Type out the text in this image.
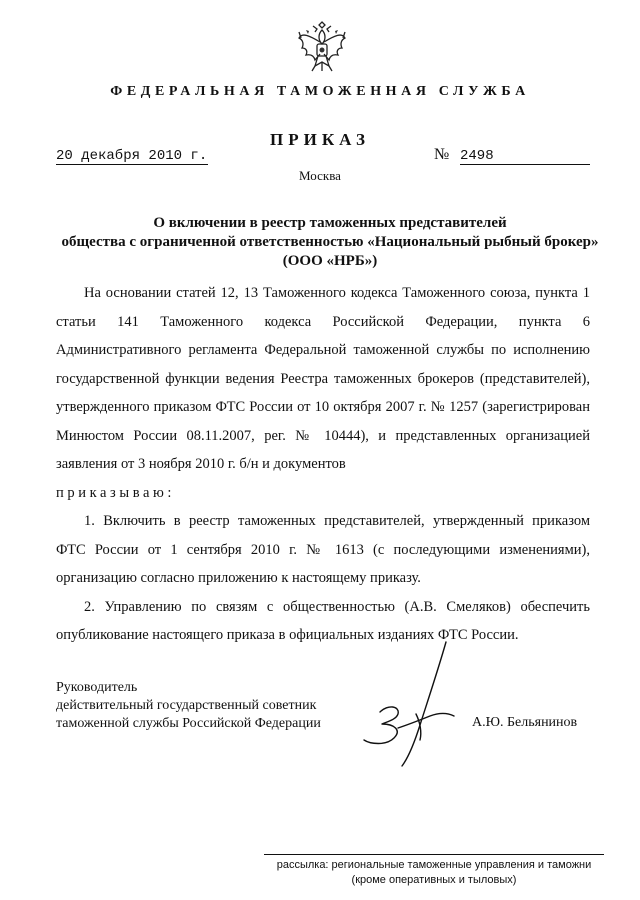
ФЕДЕРАЛЬНАЯ ТАМОЖЕННАЯ СЛУЖБА
ПРИКАЗ
20 декабря 2010 г.	№ 2498
Москва
О включении в реестр таможенных представителей
общества с ограниченной ответственностью «Национальный рыбный брокер»
(ООО «НРБ»)

На основании статей 12, 13 Таможенного кодекса Таможенного союза, пункта 1 статьи 141 Таможенного кодекса Российской Федерации, пункта 6 Административного регламента Федеральной таможенной службы по исполнению государственной функции ведения Реестра таможенных брокеров (представителей), утвержденного приказом ФТС России от 10 октября 2007 г. № 1257 (зарегистрирован Минюстом России 08.11.2007, рег. № 10444), и представленных организацией заявления от 3 ноября 2010 г. б/н и документов

приказываю:

1. Включить в реестр таможенных представителей, утвержденный приказом ФТС России от 1 сентября 2010 г. № 1613 (с последующими изменениями), организацию согласно приложению к настоящему приказу.

2. Управлению по связям с общественностью (А.В. Смеляков) обеспечить опубликование настоящего приказа в официальных изданиях ФТС России.

Руководитель
действительный государственный советник
таможенной службы Российской Федерации	А.Ю. Бельянинов
рассылка: региональные таможенные управления и таможни
(кроме оперативных и тыловых)
